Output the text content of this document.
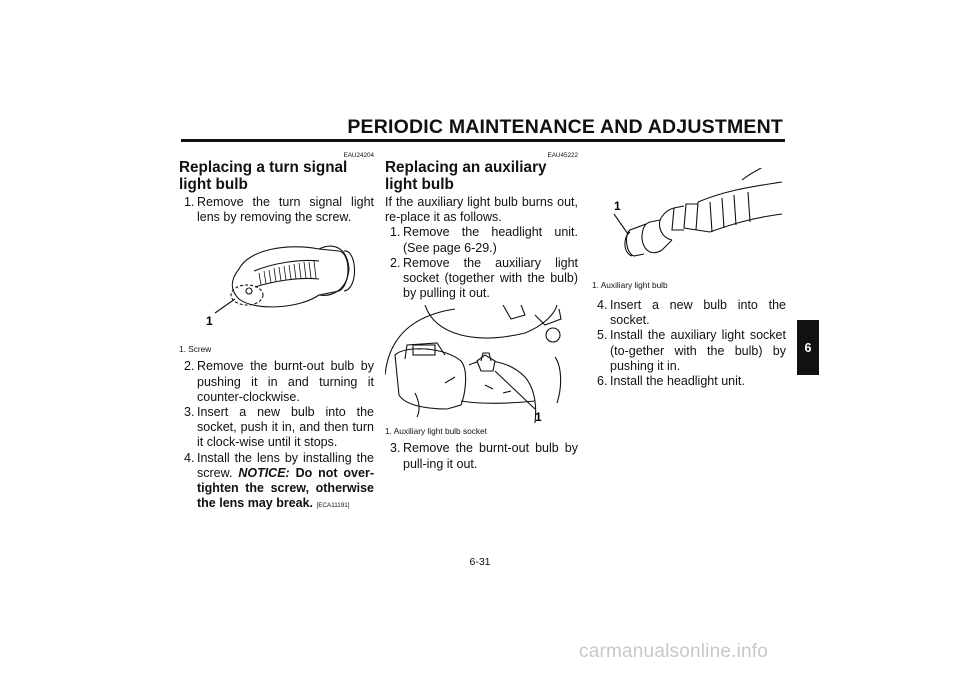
PERIODIC MAINTENANCE AND ADJUSTMENT
EAU24204
Replacing a turn signal light bulb
1. Remove the turn signal light lens by removing the screw.
1
1. Screw
2. Remove the burnt-out bulb by pushing it in and turning it counter-clockwise.
3. Insert a new bulb into the socket, push it in, and then turn it clock-wise until it stops.
4. Install the lens by installing the screw. NOTICE: Do not over-tighten the screw, otherwise the lens may break. [ECA11191]
EAU45222
Replacing an auxiliary light bulb
If the auxiliary light bulb burns out, re-place it as follows.
1. Remove the headlight unit. (See page 6-29.)
2. Remove the auxiliary light socket (together with the bulb) by pulling it out.
1
1. Auxiliary light bulb socket
3. Remove the burnt-out bulb by pull-ing it out.
1
1. Auxiliary light bulb
4. Insert a new bulb into the socket.
5. Install the auxiliary light socket (to-gether with the bulb) by pushing it in.
6. Install the headlight unit.
6
6-31
carmanualsonline.info
